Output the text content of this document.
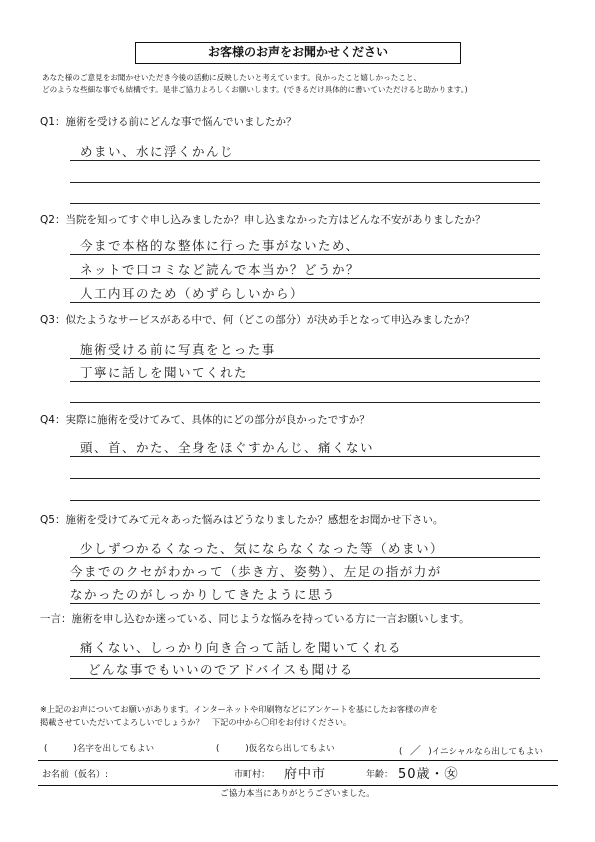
お客様のお声をお聞かせください
あなた様のご意見をお聞かせいただき今後の活動に反映したいと考えています。良かったこと嬉しかったこと、
どのような些細な事でも結構です。是非ご協力よろしくお願いします。(できるだけ具体的に書いていただけると助かります。)
Q1：施術を受ける前にどんな事で悩んでいましたか？
めまい、水に浮くかんじ
Q2：当院を知ってすぐ申し込みましたか？申し込まなかった方はどんな不安がありましたか？
今まで本格的な整体に行った事がないため、
ネットで口コミなど読んで本当か？どうか？
人工内耳のため（めずらしいから）
Q3：似たようなサービスがある中で、何（どこの部分）が決め手となって申込みましたか？
施術受ける前に写真をとった事
丁寧に話しを聞いてくれた
Q4：実際に施術を受けてみて、具体的にどの部分が良かったですか？
頭、首、かた、全身をほぐすかんじ、痛くない
Q5：施術を受けてみて元々あった悩みはどうなりましたか？感想をお聞かせ下さい。
少しずつかるくなった、気にならなくなった等（めまい）
今までのクセがわかって（歩き方、姿勢）、左足の指が力が
なかったのがしっかりしてきたように思う
一言：施術を申し込むか迷っている、同じような悩みを持っている方に一言お願いします。
痛くない、しっかり向き合って話しを聞いてくれる
どんな事でもいいのでアドバイスも聞ける
※上記のお声についてお願いがあります。インターネットや印刷物などにアンケートを基にしたお客様の声を
掲載させていただいてよろしいでしょうか？　下記の中から〇印をお付けください。
(	)名字を出してもよい	(	)仮名なら出してもよい	( ／ )イニシャルなら出してもよい
お名前（仮名）:	市町村： 府中市	年齢： 50歳・㊛
ご協力本当にありがとうございました。
